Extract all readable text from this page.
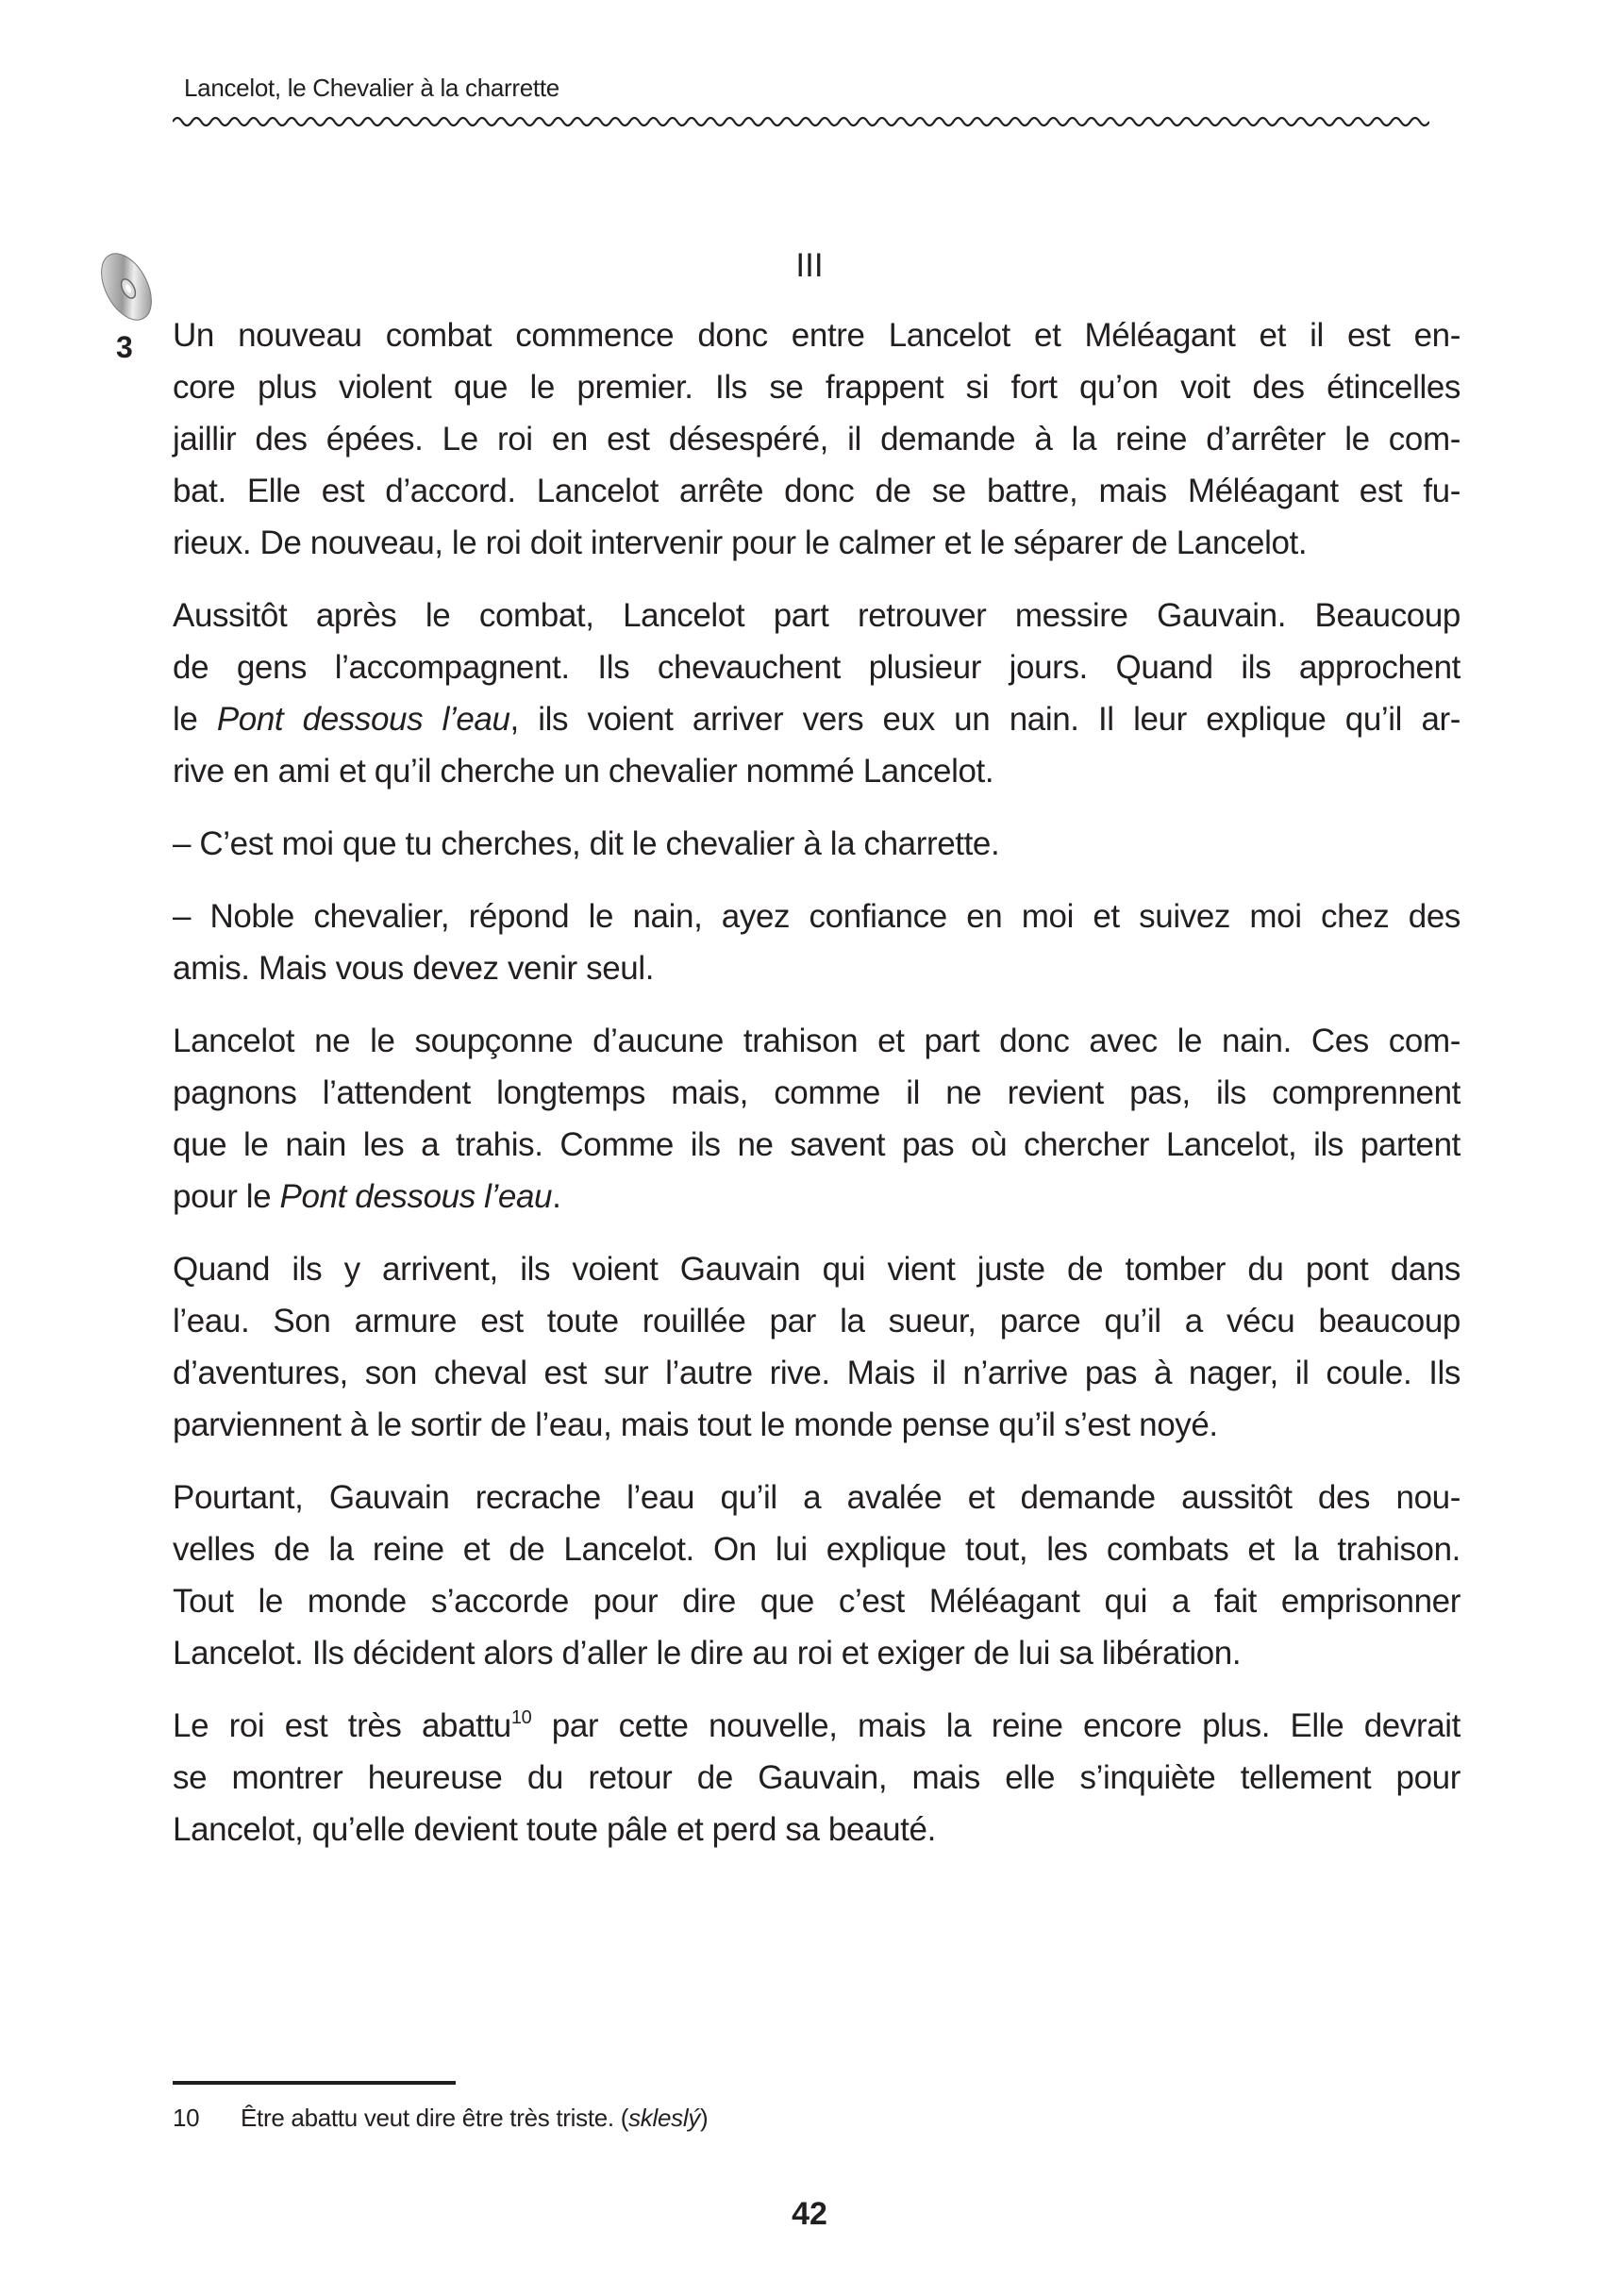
Lancelot, le Chevalier à la charrette
3
III
Un nouveau combat commence donc entre Lancelot et Méléagant et il est en-
core plus violent que le premier. Ils se frappent si fort qu’on voit des étincelles
jaillir des épées. Le roi en est désespéré, il demande à la reine d’arrêter le com-
bat. Elle est d’accord. Lancelot arrête donc de se battre, mais Méléagant est fu-
rieux. De nouveau, le roi doit intervenir pour le calmer et le séparer de Lancelot.
Aussitôt après le combat, Lancelot part retrouver messire Gauvain. Beaucoup
de gens l’accompagnent. Ils chevauchent plusieur jours. Quand ils approchent
le Pont dessous l’eau, ils voient arriver vers eux un nain. Il leur explique qu’il ar-
rive en ami et qu’il cherche un chevalier nommé Lancelot.
– C’est moi que tu cherches, dit le chevalier à la charrette.
– Noble chevalier, répond le nain, ayez confiance en moi et suivez moi chez des
amis. Mais vous devez venir seul.
Lancelot ne le soupçonne d’aucune trahison et part donc avec le nain. Ces com-
pagnons l’attendent longtemps mais, comme il ne revient pas, ils comprennent
que le nain les a trahis. Comme ils ne savent pas où chercher Lancelot, ils partent
pour le Pont dessous l’eau.
Quand ils y arrivent, ils voient Gauvain qui vient juste de tomber du pont dans
l’eau. Son armure est toute rouillée par la sueur, parce qu’il a vécu beaucoup
d’aventures, son cheval est sur l’autre rive. Mais il n’arrive pas à nager, il coule. Ils
parviennent à le sortir de l’eau, mais tout le monde pense qu’il s’est noyé.
Pourtant, Gauvain recrache l’eau qu’il a avalée et demande aussitôt des nou-
velles de la reine et de Lancelot. On lui explique tout, les combats et la trahison.
Tout le monde s’accorde pour dire que c’est Méléagant qui a fait emprisonner
Lancelot. Ils décident alors d’aller le dire au roi et exiger de lui sa libération.
Le roi est très abattu$^{10}$ par cette nouvelle, mais la reine encore plus. Elle devrait
se montrer heureuse du retour de Gauvain, mais elle s’inquiète tellement pour
Lancelot, qu’elle devient toute pâle et perd sa beauté.
10 Être abattu veut dire être très triste. (skleslý)
42
